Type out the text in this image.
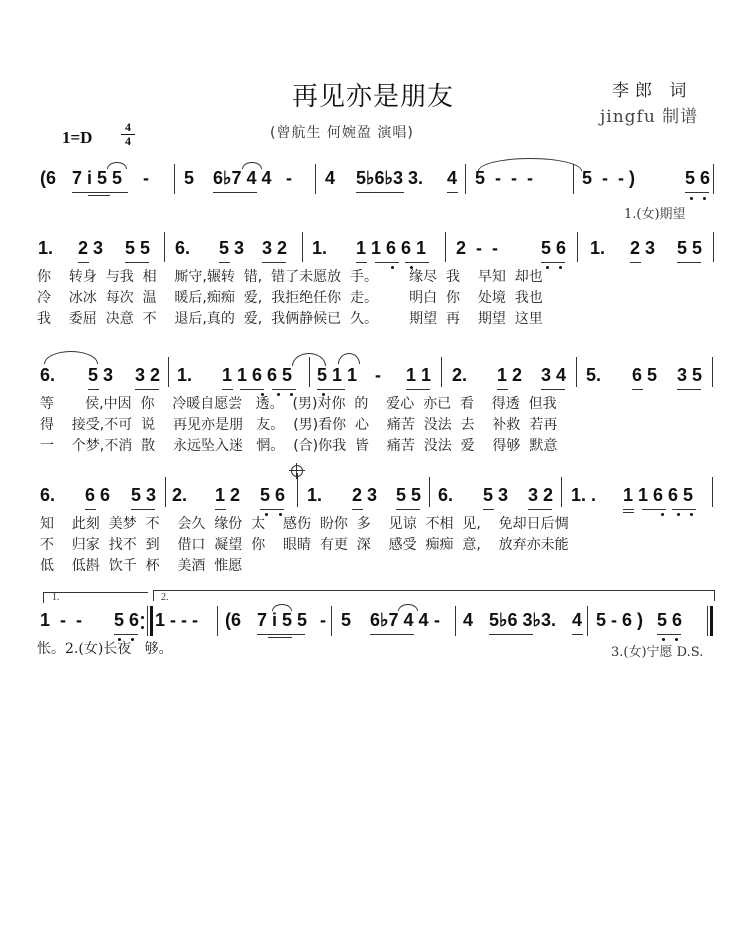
再见亦是朋友	李郎 词
jingfu 制谱
(曾航生 何婉盈 演唱)
$1=D \frac{4}{4}$

(6

7 i 5 5

-

5

6♭7 4 4

-

4

5♭6♭3 3.

4

5  -  -  -

	5  -  - )

	5 6

1.(女)期望

1.

2 3

5 5

6.

5 3

3 2

1.

1 1 6 6 1

2  -  -

5 6

1.

2 3

5 5

你    转身  与我  相    厮守,辗转  错,  错了未愿放  手。       缘尽  我    早知  却也
冷    冰冰  每次  温    暖后,痴痴  爱,  我拒绝任你  走。       明白  你    处境  我也
我    委屈  决意  不    退后,真的  爱,  我俩静候已  久。       期望  再    期望  这里

6.

5 3

3 2

1.

1 1 6 6 5

5 1 1

-

1 1

2.

1 2

3 4

5.

6 5

3 5

等       侯,中因  你    冷暖自愿尝   透。  (男)对你  的    爱心  亦已  看    得透  但我
得    接受,不可  说    再见亦是朋   友。  (男)看你  心    痛苦  没法  去    补救  若再
一    个梦,不消  散    永远坠入迷   惘。  (合)你我  皆    痛苦  没法  爱    得够  默意

6.

6 6

5 3

2.

1 2

5 6

1.

2 3

5 5

6.

5 3

3 2

1. .

1 1 6 6 5

知    此刻  美梦  不    会久  缘份  太    感伤  盼你  多    见谅  不相  见,    免却日后惆
不    归家  找不  到    借口  凝望  你    眼睛  有更  深    感受  痴痴  意,    放弃亦未能
低    低斟  饮千  杯    美酒  惟愿
1.	2.

1  -  -

5 6

1 - - -

(6

7 i 5 5

-

5

6♭7 4 4

-

4

5♭6 3♭3.

4

5 - 6 )

5 6

怅。2.(女)长夜   够。	3.(女)宁愿 D.S.
